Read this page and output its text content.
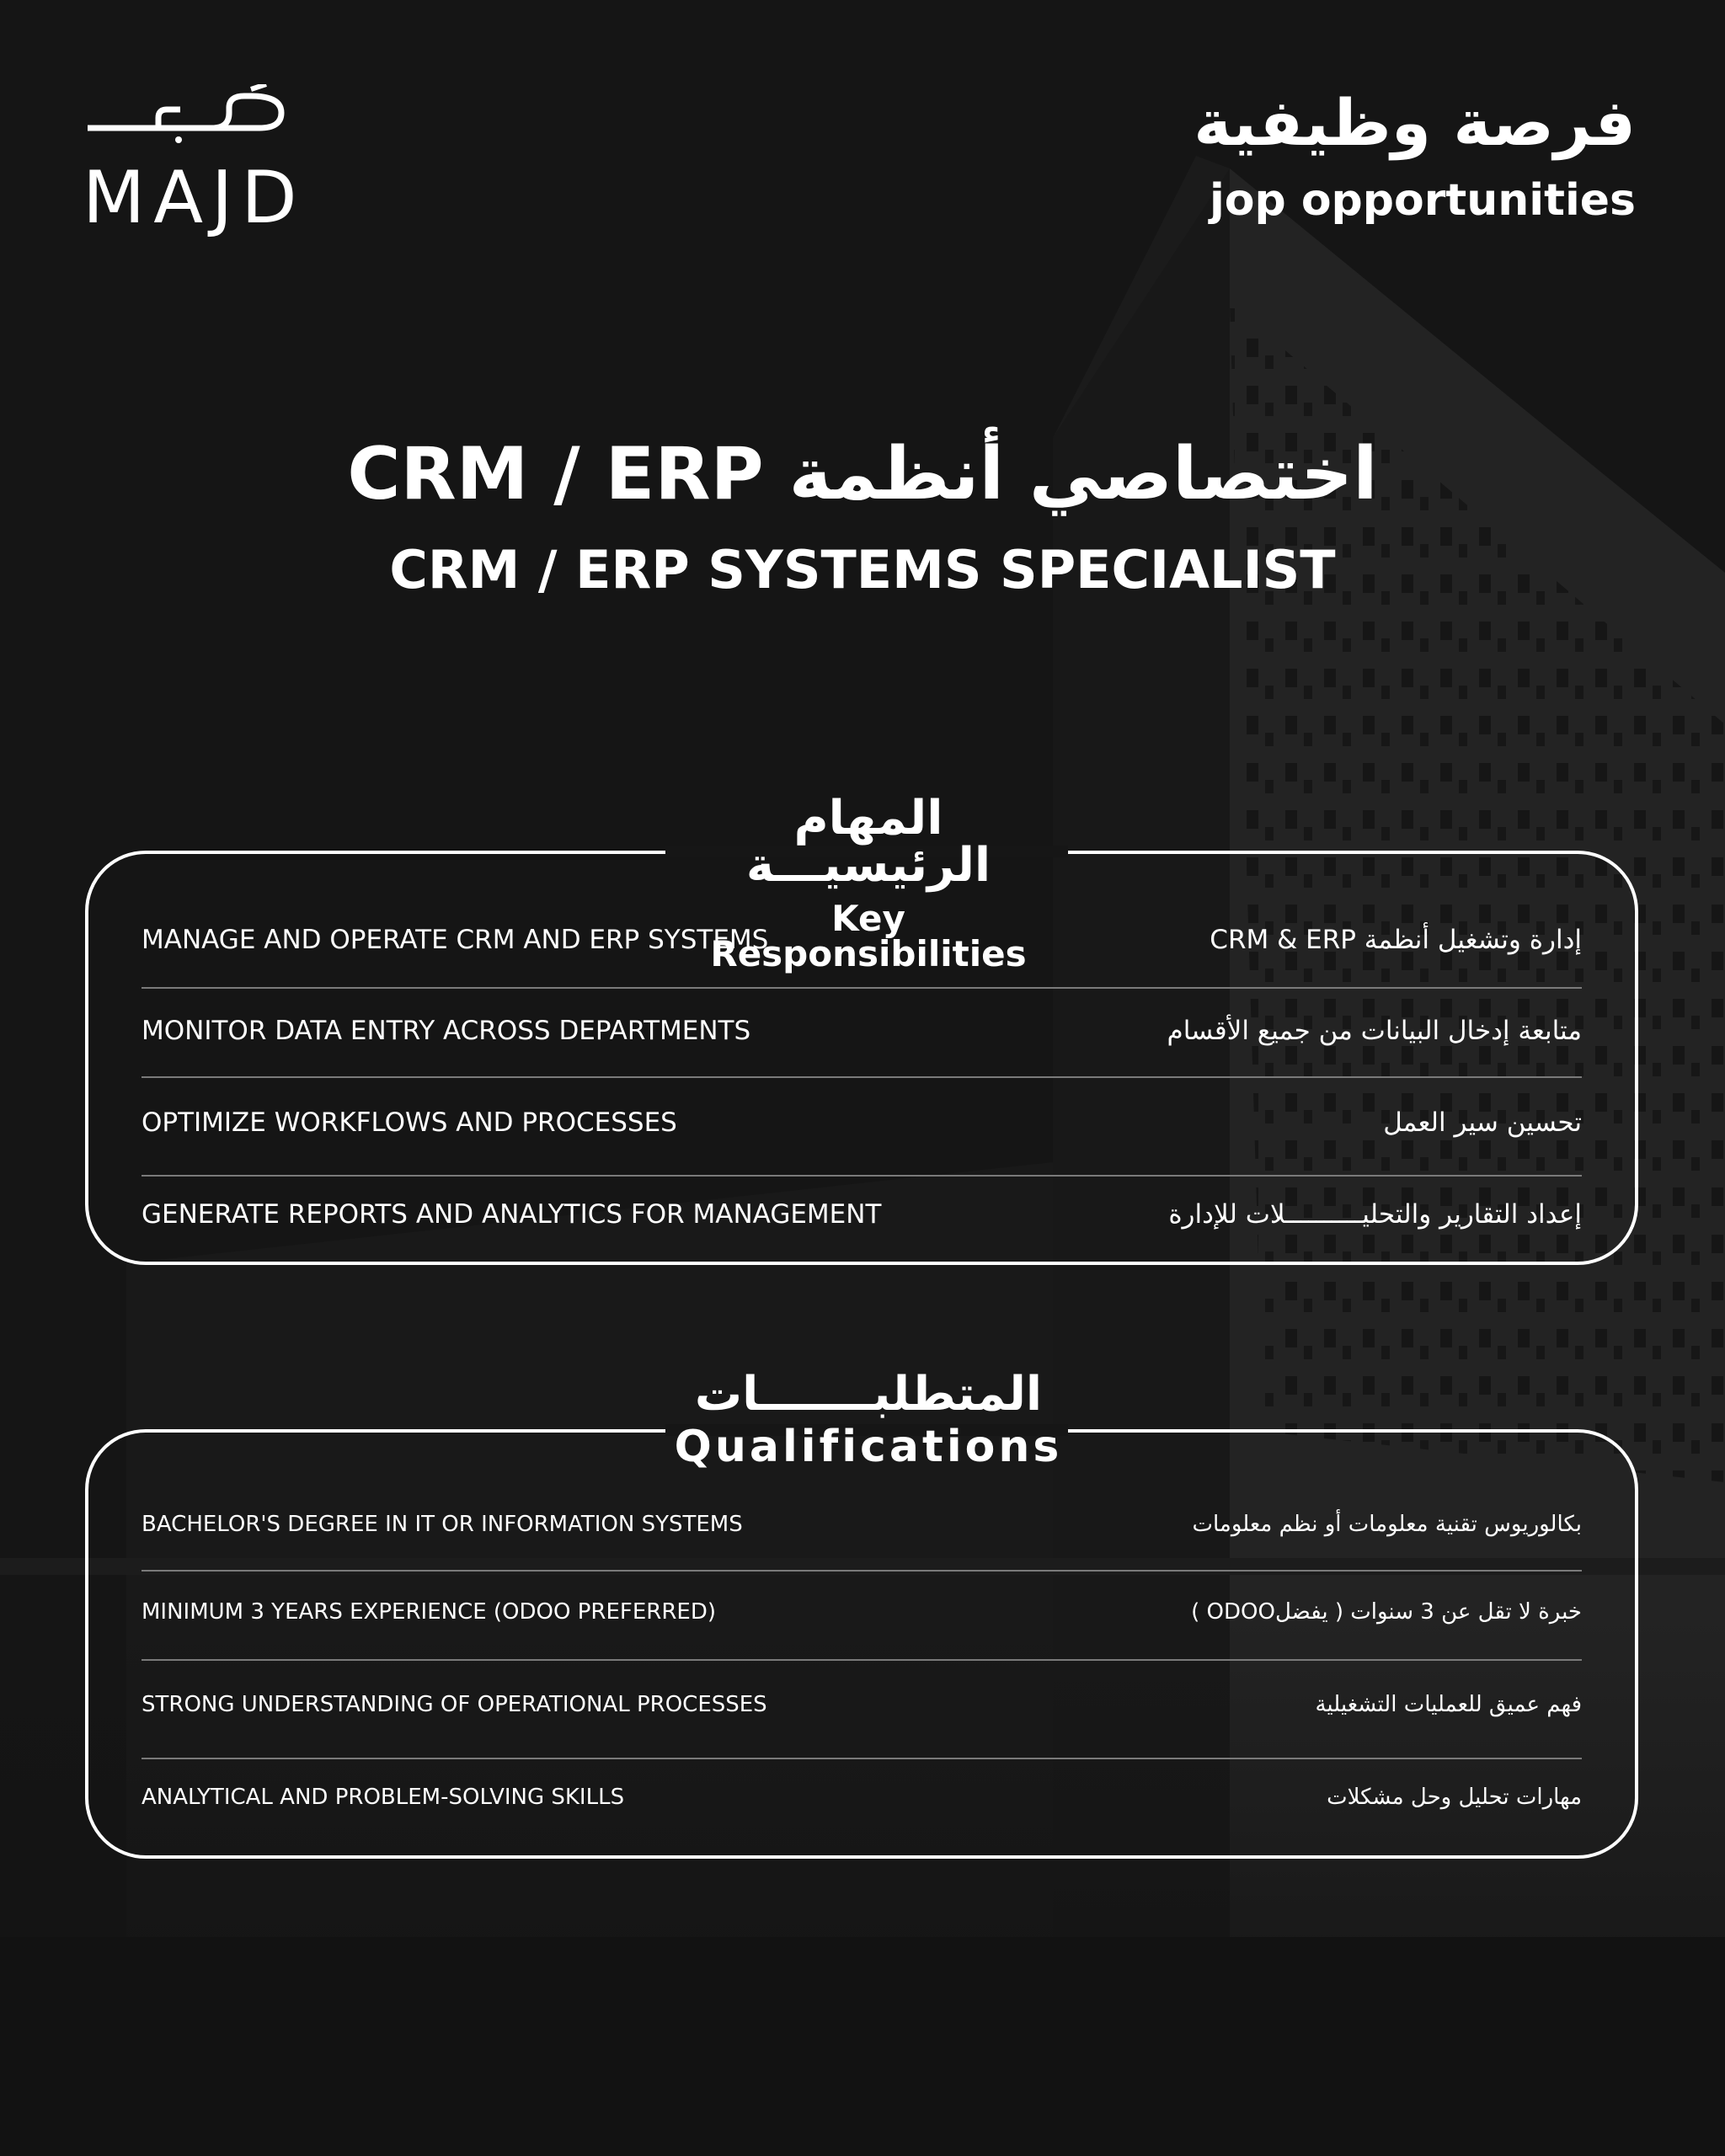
MAJD
فرصة وظيفية
jop opportunities
اختصاصي أنظمة CRM / ERP
CRM / ERP SYSTEMS SPECIALIST
المهام الرئيسيـــة
Key Responsibilities
MANAGE AND OPERATE CRM AND ERP SYSTEMS	إدارة وتشغيل أنظمة CRM & ERP
MONITOR DATA ENTRY ACROSS DEPARTMENTS	متابعة إدخال البيانات من جميع الأقسام
OPTIMIZE WORKFLOWS AND PROCESSES	تحسين سير العمل
GENERATE REPORTS AND ANALYTICS FOR MANAGEMENT	إعداد التقارير والتحليــــــــــلات للإدارة
المتطلبـــــــات
Qualifications
BACHELOR'S DEGREE IN IT OR INFORMATION SYSTEMS	بكالوريوس تقنية معلومات أو نظم معلومات
MINIMUM 3 YEARS EXPERIENCE (ODOO PREFERRED)	خبرة لا تقل عن 3 سنوات ( يفضلODOO )
STRONG UNDERSTANDING OF OPERATIONAL PROCESSES	فهم عميق للعمليات التشغيلية
ANALYTICAL AND PROBLEM-SOLVING SKILLS	مهارات تحليل وحل مشكلات
